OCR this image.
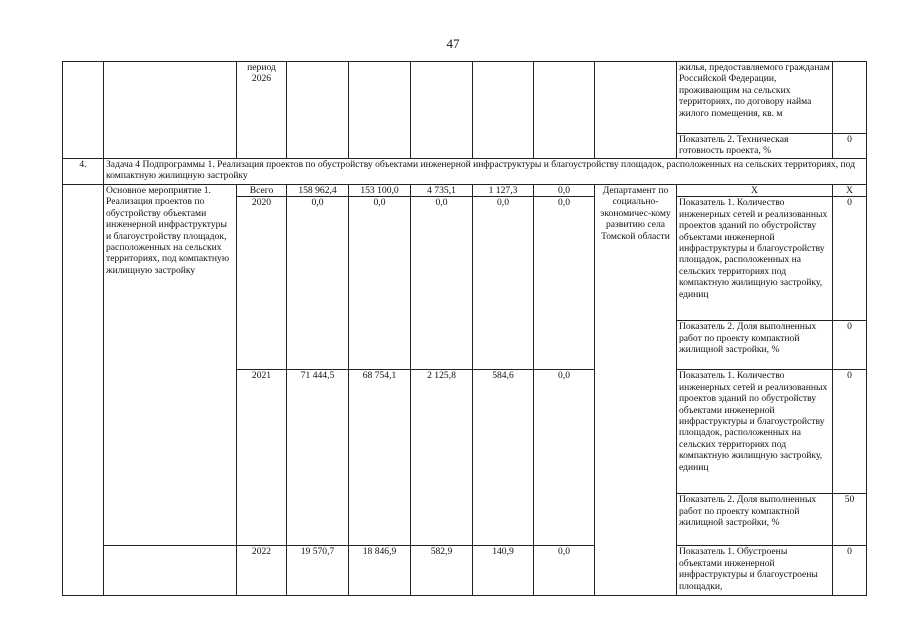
47
		период 2026							жилья, предоставляемого гражданам Российской Федерации, проживающим на сельских территориях, по договору найма жилого помещения, кв. м	
									Показатель 2. Техническая готовность проекта, %	0
4.	Задача 4 Подпрограммы 1. Реализация проектов по обустройству объектами инженерной инфраструктуры и благоустройству площадок, расположенных на сельских территориях, под компактную жилищную застройку									
	Основное мероприятие 1. Реализация проектов по обустройству объектами инженерной инфраструктуры и благоустройству площадок, расположенных на сельских территориях, под компактную жилищную застройку	Всего	158 962,4	153 100,0	4 735,1	1 127,3	0,0	Департамент по социально-экономичес-кому развитию села Томской области	Х	Х
		2020	0,0	0,0	0,0	0,0	0,0		Показатель 1. Количество инженерных сетей и реализованных проектов зданий по обустройству объектами инженерной инфраструктуры и благоустройству площадок, расположенных на сельских территориях под компактную жилищную застройку, единиц	0
									Показатель 2. Доля выполненных работ по проекту компактной жилищной застройки, %	0
		2021	71 444,5	68 754,1	2 125,8	584,6	0,0		Показатель 1. Количество инженерных сетей и реализованных проектов зданий по обустройству объектами инженерной инфраструктуры и благоустройству площадок, расположенных на сельских территориях под компактную жилищную застройку, единиц	0
									Показатель 2. Доля выполненных работ по проекту компактной жилищной застройки, %	50
		2022	19 570,7	18 846,9	582,9	140,9	0,0		Показатель 1. Обустроены объектами инженерной инфраструктуры и благоустроены площадки,	0
